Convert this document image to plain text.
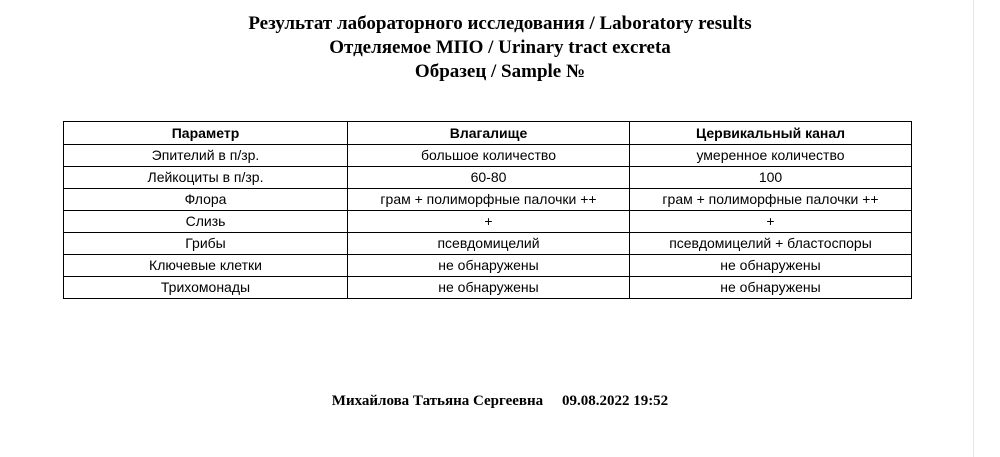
Результат лабораторного исследования / Laboratory results
Отделяемое МПО / Urinary tract excreta
Образец / Sample №
Параметр	Влагалище	Цервикальный канал
Эпителий в п/зр.	большое количество	умеренное количество
Лейкоциты в п/зр.	60-80	100
Флора	грам + полиморфные палочки ++	грам + полиморфные палочки ++
Слизь	+	+
Грибы	псевдомицелий	псевдомицелий + бластоспоры
Ключевые клетки	не обнаружены	не обнаружены
Трихомонады	не обнаружены	не обнаружены
Михайлова Татьяна Сергеевна 09.08.2022 19:52
